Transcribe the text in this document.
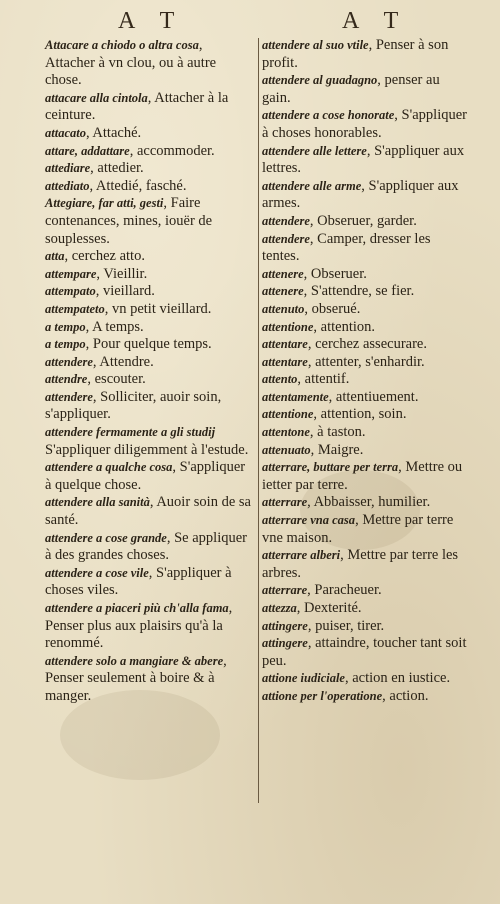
A T	A T
Attacare a chiodo o altra cosa, Attacher à vn clou, ou à autre chose.
attacare alla cintola, Attacher à la ceinture.
attacato, Attaché.
attare, addattare, accommoder.
attediare, attedier.
attediato, Attedié, fasché.
Attegiare, far atti, gesti, Faire contenances, mines, iouër de souplesses.
atta, cerchez atto.
attempare, Vieillir.
attempato, vieillard.
attempateto, vn petit vieillard.
a tempo, A temps.
a tempo, Pour quelque temps.
attendere, Attendre.
attendre, escouter.
attendere, Solliciter, auoir soin, s'appliquer.
attendere fermamente a gli studij S'appliquer diligemment à l'estude.
attendere a qualche cosa, S'appliquer à quelque chose.
attendere alla sanità, Auoir soin de sa santé.
attendere a cose grande, Se appliquer à des grandes choses.
attendere a cose vile, S'appliquer à choses viles.
attendere a piaceri più ch'alla fama, Penser plus aux plaisirs qu'à la renommé.
attendere solo a mangiare & abere, Penser seulement à boire & à manger.
attendere al suo vtile, Penser à son profit.
attendere al guadagno, penser au gain.
attendere a cose honorate, S'appliquer à choses honorables.
attendere alle lettere, S'appliquer aux lettres.
attendere alle arme, S'appliquer aux armes.
attendere, Obseruer, garder.
attendere, Camper, dresser les tentes.
attenere, Obseruer.
attenere, S'attendre, se fier.
attenuto, obserué.
attentione, attention.
attentare, cerchez assecurare.
attentare, attenter, s'enhardir.
attento, attentif.
attentamente, attentiuement.
attentione, attention, soin.
attentone, à taston.
attenuato, Maigre.
atterrare, buttare per terra, Mettre ou ietter par terre.
atterrare, Abbaisser, humilier.
atterrare vna casa, Mettre par terre vne maison.
atterrare alberi, Mettre par terre les arbres.
atterrare, Paracheuer.
attezza, Dexterité.
attingere, puiser, tirer.
attingere, attaindre, toucher tant soit peu.
attione iudiciale, action en iustice.
attione per l'operatione, action.
